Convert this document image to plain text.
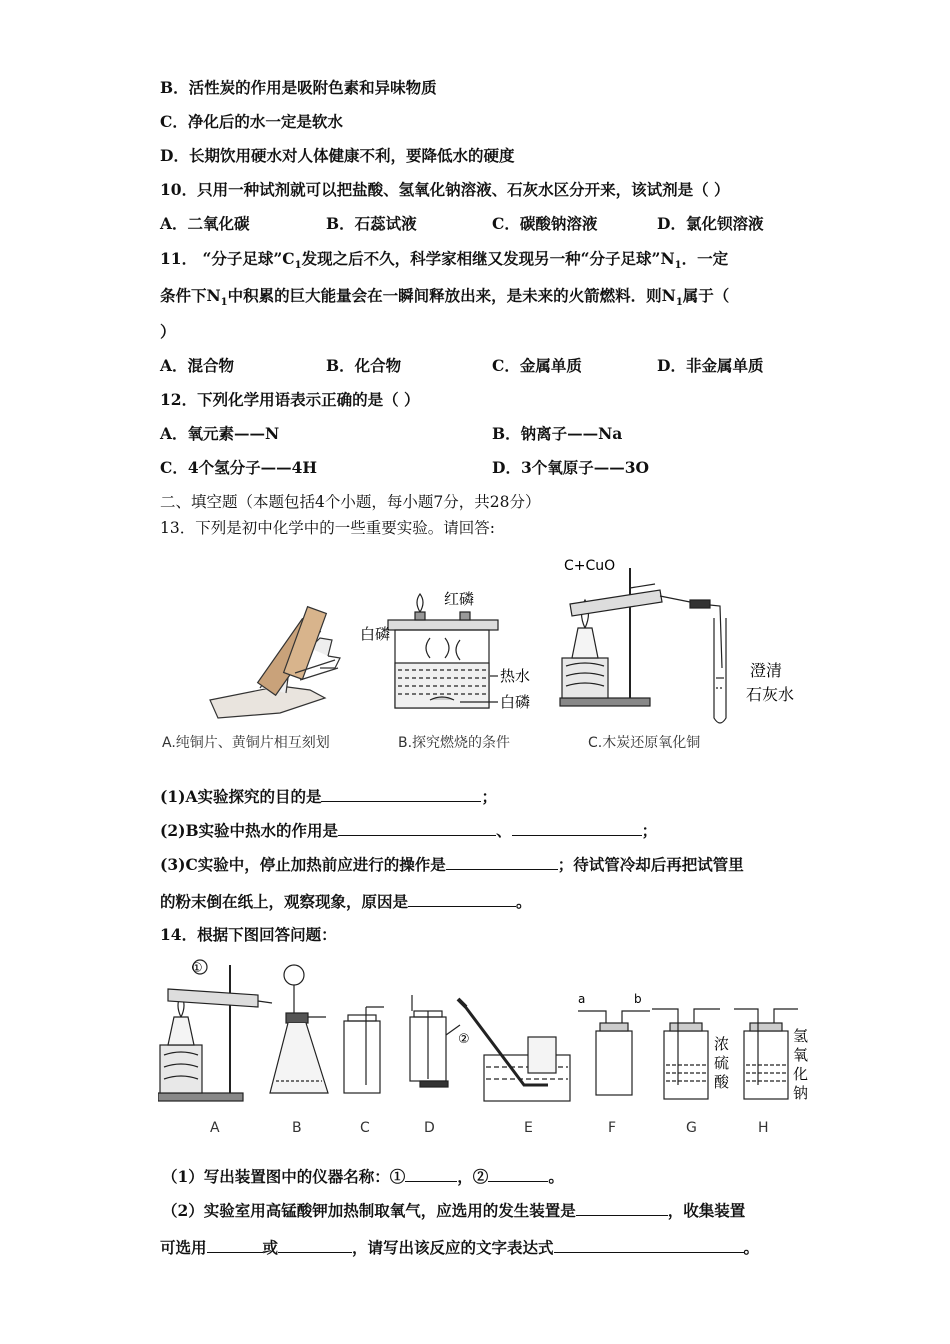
B．活性炭的作用是吸附色素和异味物质
C．净化后的水一定是软水
D．长期饮用硬水对人体健康不利，要降低水的硬度
10．只用一种试剂就可以把盐酸、氢氧化钠溶液、石灰水区分开来，该试剂是（ ）
A．二氧化碳	B．石蕊试液	C．碳酸钠溶液	D．氯化钡溶液
11． “分子足球$”C_1$发现之后不久，科学家相继又发现另一种“分子足球$”N_1$．一定
条件下$N_1$中积累的巨大能量会在一瞬间释放出来，是未来的火箭燃料．则$N_1$属于（
）
A．混合物	B．化合物	C．金属单质	D．非金属单质
12．下列化学用语表示正确的是（ ）
A．氧元素——N	B．钠离子——Na
C．4个氢分子——4H	D．3个氧原子——3O
二、填空题（本题包括4个小题，每小题7分，共28分）
13．下列是初中化学中的一些重要实验。请回答:
白磷
红磷
热水
白磷
C+CuO
澄清
石灰水
A.纯铜片、黄铜片相互刻划	B.探究燃烧的条件	C.木炭还原氧化铜
(1)A实验探究的目的是	；
(2)B实验中热水的作用是	、	；
(3)C实验中，停止加热前应进行的操作是	；待试管冷却后再把试管里
的粉末倒在纸上，观察现象，原因是	。
14．根据下图回答问题：
①
②
a	b
浓
硫
酸
氢
氧
化
钠
A	B	C	D	E	F	G	H
（1）写出装置图中的仪器名称：①	，②	。
（2）实验室用高锰酸钾加热制取氧气，应选用的发生装置是	，收集装置
可选用	或	，请写出该反应的文字表达式	。
